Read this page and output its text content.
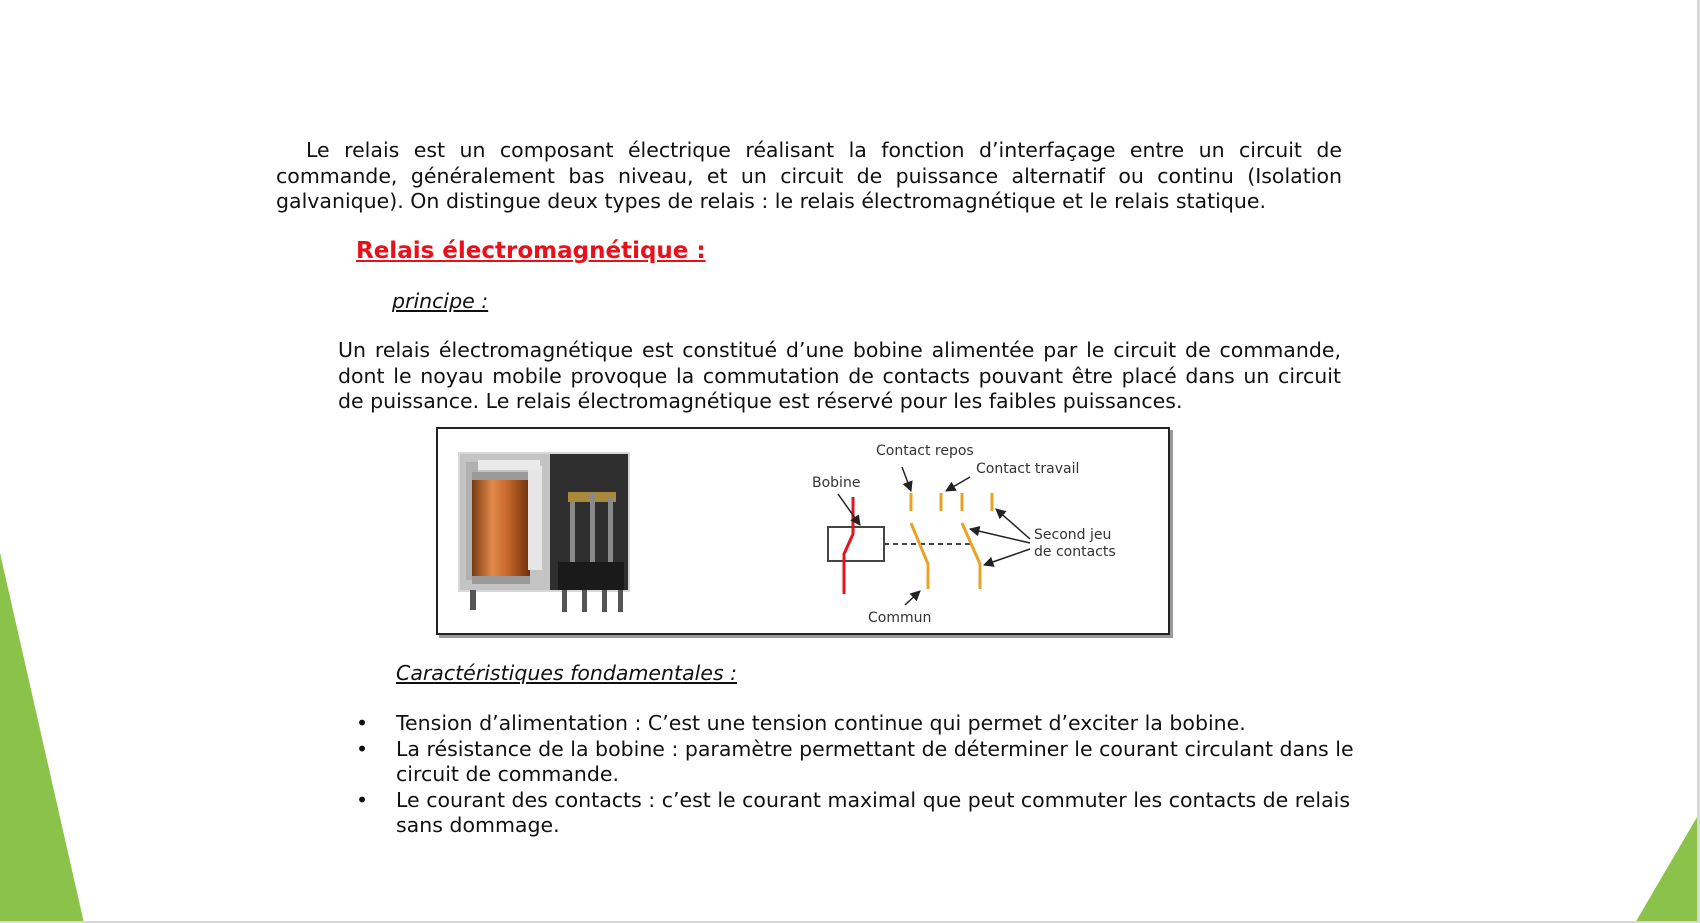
Le relais est un composant électrique réalisant la fonction d’interfaçage entre un circuit de commande, généralement bas niveau, et un circuit de puissance alternatif ou continu (Isolation galvanique). On distingue deux types de relais : le relais électromagnétique et le relais statique.

Relais électromagnétique :
principe :

Un relais électromagnétique est constitué d’une bobine alimentée par le circuit de commande, dont le noyau mobile provoque la commutation de contacts pouvant être placé dans un circuit de puissance. Le relais électromagnétique est réservé pour les faibles puissances.

Contact repos
Contact travail
Bobine
Second jeu
de contacts
Commun
Caractéristiques fondamentales :
• Tension d’alimentation : C’est une tension continue qui permet d’exciter la bobine.
• La résistance de la bobine : paramètre permettant de déterminer le courant circulant dans le circuit de commande.
• Le courant des contacts : c’est le courant maximal que peut commuter les contacts de relais sans dommage.
